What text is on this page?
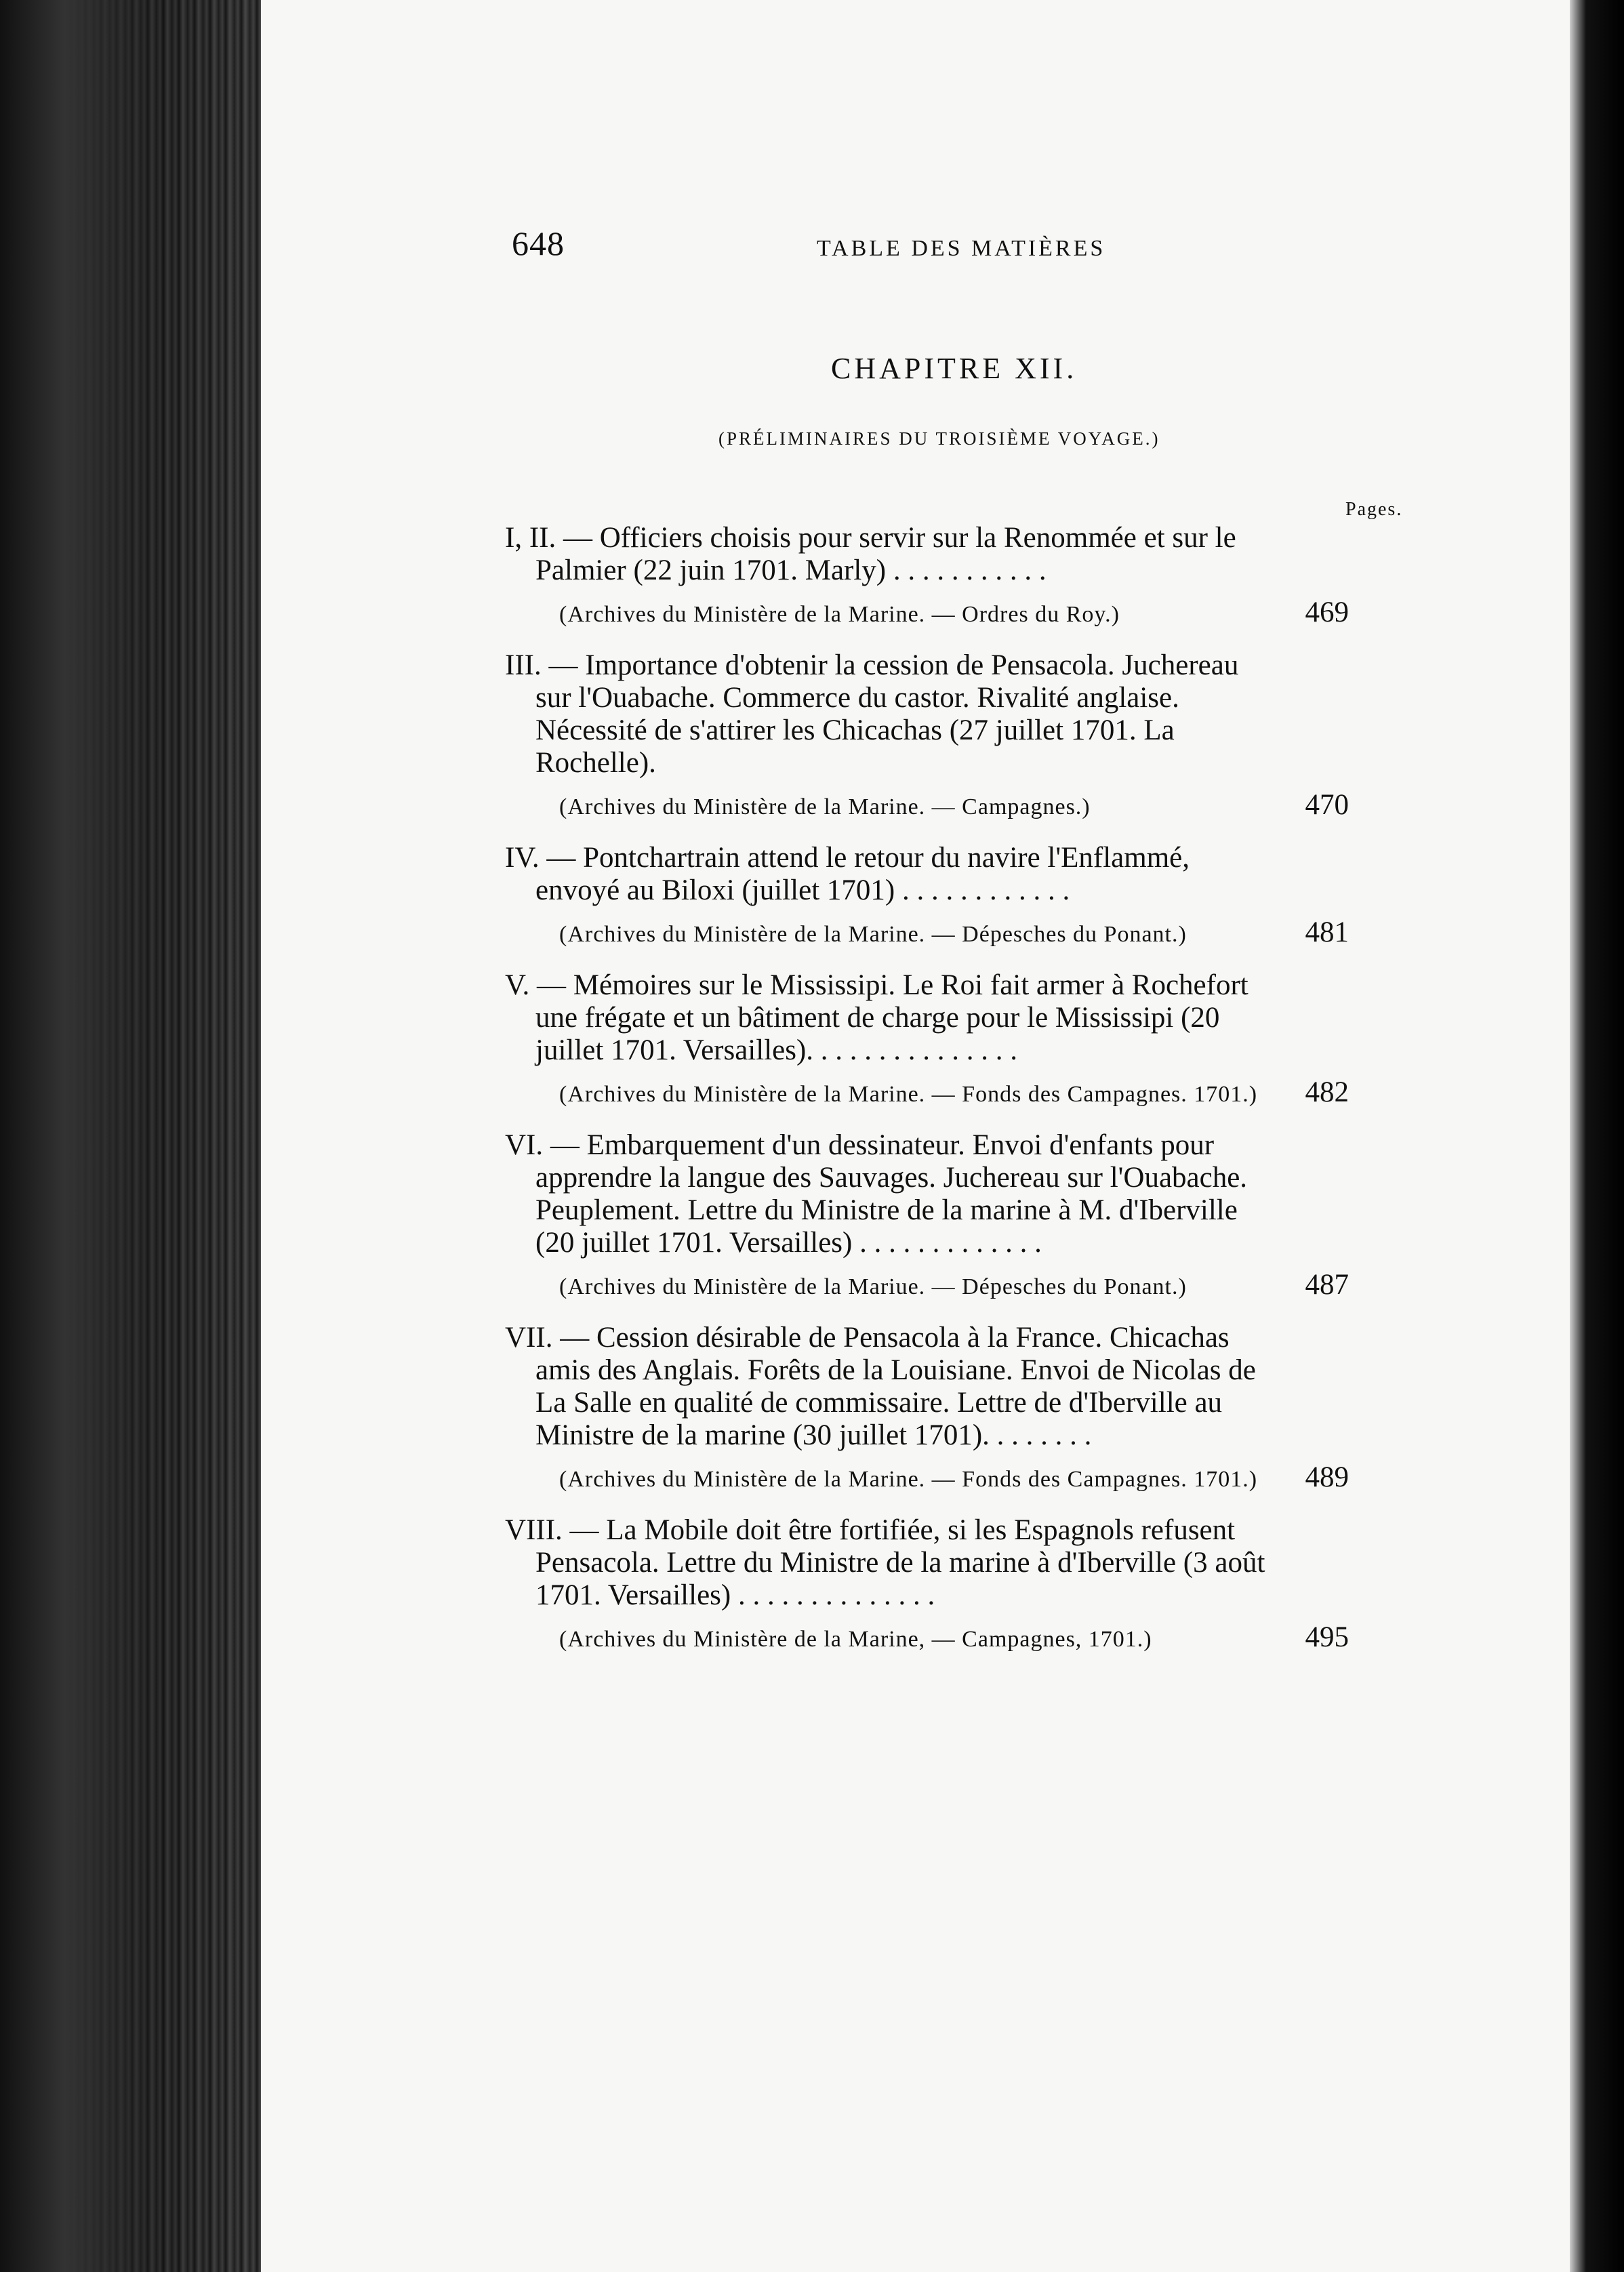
648	TABLE DES MATIÈRES
CHAPITRE XII.
(PRÉLIMINAIRES DU TROISIÈME VOYAGE.)
Pages.
I, II. — Officiers choisis pour servir sur la Renommée et sur le Palmier (22 juin 1701. Marly) . . . . . . . . . . .
469
(Archives du Ministère de la Marine. — Ordres du Roy.)
III. — Importance d'obtenir la cession de Pensacola. Juchereau sur l'Ouabache. Commerce du castor. Rivalité anglaise. Nécessité de s'attirer les Chicachas (27 juillet 1701. La Rochelle).
470
(Archives du Ministère de la Marine. — Campagnes.)
IV. — Pontchartrain attend le retour du navire l'Enflammé, envoyé au Biloxi (juillet 1701) . . . . . . . . . . . .
481
(Archives du Ministère de la Marine. — Dépesches du Ponant.)
V. — Mémoires sur le Mississipi. Le Roi fait armer à Rochefort une frégate et un bâtiment de charge pour le Mississipi (20 juillet 1701. Versailles). . . . . . . . . . . . . . .
482
(Archives du Ministère de la Marine. — Fonds des Campagnes. 1701.)
VI. — Embarquement d'un dessinateur. Envoi d'enfants pour apprendre la langue des Sauvages. Juchereau sur l'Ouabache. Peuplement. Lettre du Ministre de la marine à M. d'Iberville (20 juillet 1701. Versailles) . . . . . . . . . . . . .
487
(Archives du Ministère de la Mariue. — Dépesches du Ponant.)
VII. — Cession désirable de Pensacola à la France. Chicachas amis des Anglais. Forêts de la Louisiane. Envoi de Nicolas de La Salle en qualité de commissaire. Lettre de d'Iberville au Ministre de la marine (30 juillet 1701). . . . . . . .
489
(Archives du Ministère de la Marine. — Fonds des Campagnes. 1701.)
VIII. — La Mobile doit être fortifiée, si les Espagnols refusent Pensacola. Lettre du Ministre de la marine à d'Iberville (3 août 1701. Versailles) . . . . . . . . . . . . . .
495
(Archives du Ministère de la Marine, — Campagnes, 1701.)
